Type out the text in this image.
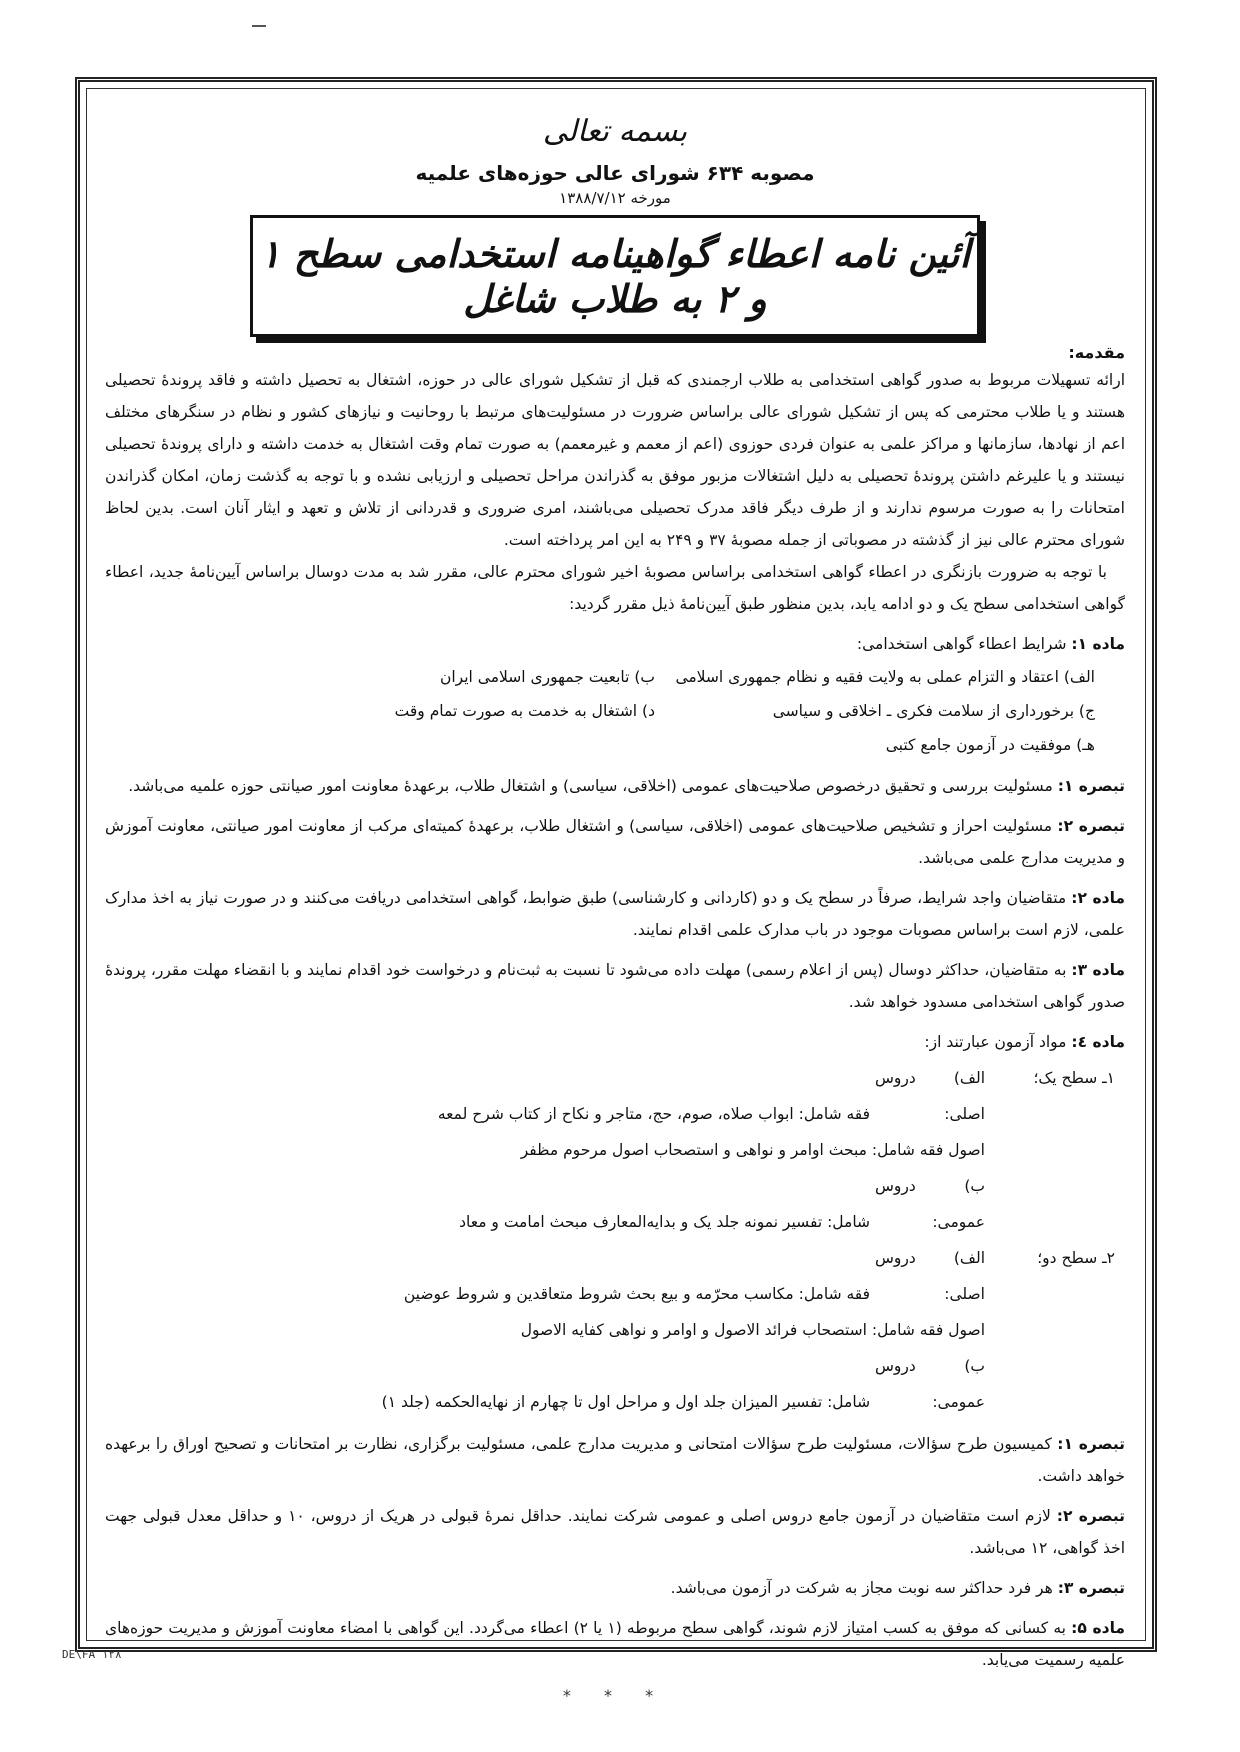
بسمه تعالی
مصوبه ۶۳۴ شورای عالی حوزه‌های علمیه
مورخه ۱۳۸۸/۷/۱۲
آئین نامه اعطاء گواهینامه استخدامی سطح ۱ و ۲ به طلاب شاغل
مقدمه:

ارائه تسهیلات مربوط به صدور گواهی استخدامی به طلاب ارجمندی که قبل از تشکیل شورای عالی در حوزه، اشتغال به تحصیل داشته و فاقد پروندهٔ تحصیلی هستند و یا طلاب محترمی که پس از تشکیل شورای عالی براساس ضرورت در مسئولیت‌های مرتبط با روحانیت و نیازهای کشور و نظام در سنگرهای مختلف اعم از نهادها، سازمانها و مراکز علمی به عنوان فردی حوزوی (اعم از معمم و غیرمعمم) به صورت تمام وقت اشتغال به خدمت داشته و دارای پروندهٔ تحصیلی نیستند و یا علیرغم داشتن پروندهٔ تحصیلی به دلیل اشتغالات مزبور موفق به گذراندن مراحل تحصیلی و ارزیابی نشده و با توجه به گذشت زمان، امکان گذراندن امتحانات را به صورت مرسوم ندارند و از طرف دیگر فاقد مدرک تحصیلی می‌باشند، امری ضروری و قدردانی از تلاش و تعهد و ایثار آنان است. بدین لحاظ شورای محترم عالی نیز از گذشته در مصوباتی از جمله مصوبهٔ ۳۷ و ۲۴۹ به این امر پرداخته است.

با توجه به ضرورت بازنگری در اعطاء گواهی استخدامی براساس مصوبهٔ اخیر شورای محترم عالی، مقرر شد به مدت دوسال براساس آیین‌نامهٔ جدید، اعطاء گواهی استخدامی سطح یک و دو ادامه یابد، بدین منظور طبق آیین‌نامهٔ ذیل مقرر گردید:

ماده ۱: شرایط اعطاء گواهی استخدامی:
الف) اعتقاد و التزام عملی به ولایت فقیه و نظام جمهوری اسلامی
ب) تابعیت جمهوری اسلامی ایران
ج) برخورداری از سلامت فکری ـ اخلاقی و سیاسی
د) اشتغال به خدمت به صورت تمام وقت
هـ) موفقیت در آزمون جامع کتبی
تبصره ۱: مسئولیت بررسی و تحقیق درخصوص صلاحیت‌های عمومی (اخلاقی، سیاسی) و اشتغال طلاب، برعهدهٔ معاونت امور صیانتی حوزه علمیه می‌باشد.
تبصره ۲: مسئولیت احراز و تشخیص صلاحیت‌های عمومی (اخلاقی، سیاسی) و اشتغال طلاب، برعهدهٔ کمیته‌ای مرکب از معاونت امور صیانتی، معاونت آموزش و مدیریت مدارج علمی می‌باشد.
ماده ۲: متقاضیان واجد شرایط، صرفاً در سطح یک و دو (کاردانی و کارشناسی) طبق ضوابط، گواهی استخدامی دریافت می‌کنند و در صورت نیاز به اخذ مدارک علمی، لازم است براساس مصوبات موجود در باب مدارک علمی اقدام نمایند.
ماده ۳: به متقاضیان، حداکثر دوسال (پس از اعلام رسمی) مهلت داده می‌شود تا نسبت به ثبت‌نام و درخواست خود اقدام نمایند و با انقضاء مهلت مقرر، پروندهٔ صدور گواهی استخدامی مسدود خواهد شد.
ماده ٤: مواد آزمون عبارتند از:
۱ـ سطح یک؛
الف) دروس اصلی: فقه شامل: ابواب صلاه، صوم، حج، متاجر و نکاح از کتاب شرح لمعه
اصول فقه شامل: مبحث اوامر و نواهی و استصحاب اصول مرحوم مظفر
ب) دروس عمومی: شامل: تفسیر نمونه جلد یک و بدایه‌المعارف مبحث امامت و معاد
۲ـ سطح دو؛
الف) دروس اصلی: فقه شامل: مکاسب محرّمه و بیع بحث شروط متعاقدین و شروط عوضین
اصول فقه شامل: استصحاب فرائد الاصول و اوامر و نواهی کفایه الاصول
ب) دروس عمومی: شامل: تفسیر المیزان جلد اول و مراحل اول تا چهارم از نهایه‌الحکمه (جلد ۱)
تبصره ۱: کمیسیون طرح سؤالات، مسئولیت طرح سؤالات امتحانی و مدیریت مدارج علمی، مسئولیت برگزاری، نظارت بر امتحانات و تصحیح اوراق را برعهده خواهد داشت.
تبصره ۲: لازم است متقاضیان در آزمون جامع دروس اصلی و عمومی شرکت نمایند. حداقل نمرهٔ قبولی در هریک از دروس، ۱۰ و حداقل معدل قبولی جهت اخذ گواهی، ۱۲ می‌باشد.
تبصره ۳: هر فرد حداکثر سه نوبت مجاز به شرکت در آزمون می‌باشد.
ماده ۵: به کسانی که موفق به کسب امتیاز لازم شوند، گواهی سطح مربوطه (۱ یا ۲) اعطاء می‌گردد. این گواهی با امضاء معاونت آموزش و مدیریت حوزه‌های علمیه رسمیت می‌یابد.
* * *
DE\FA ۱۲۸
